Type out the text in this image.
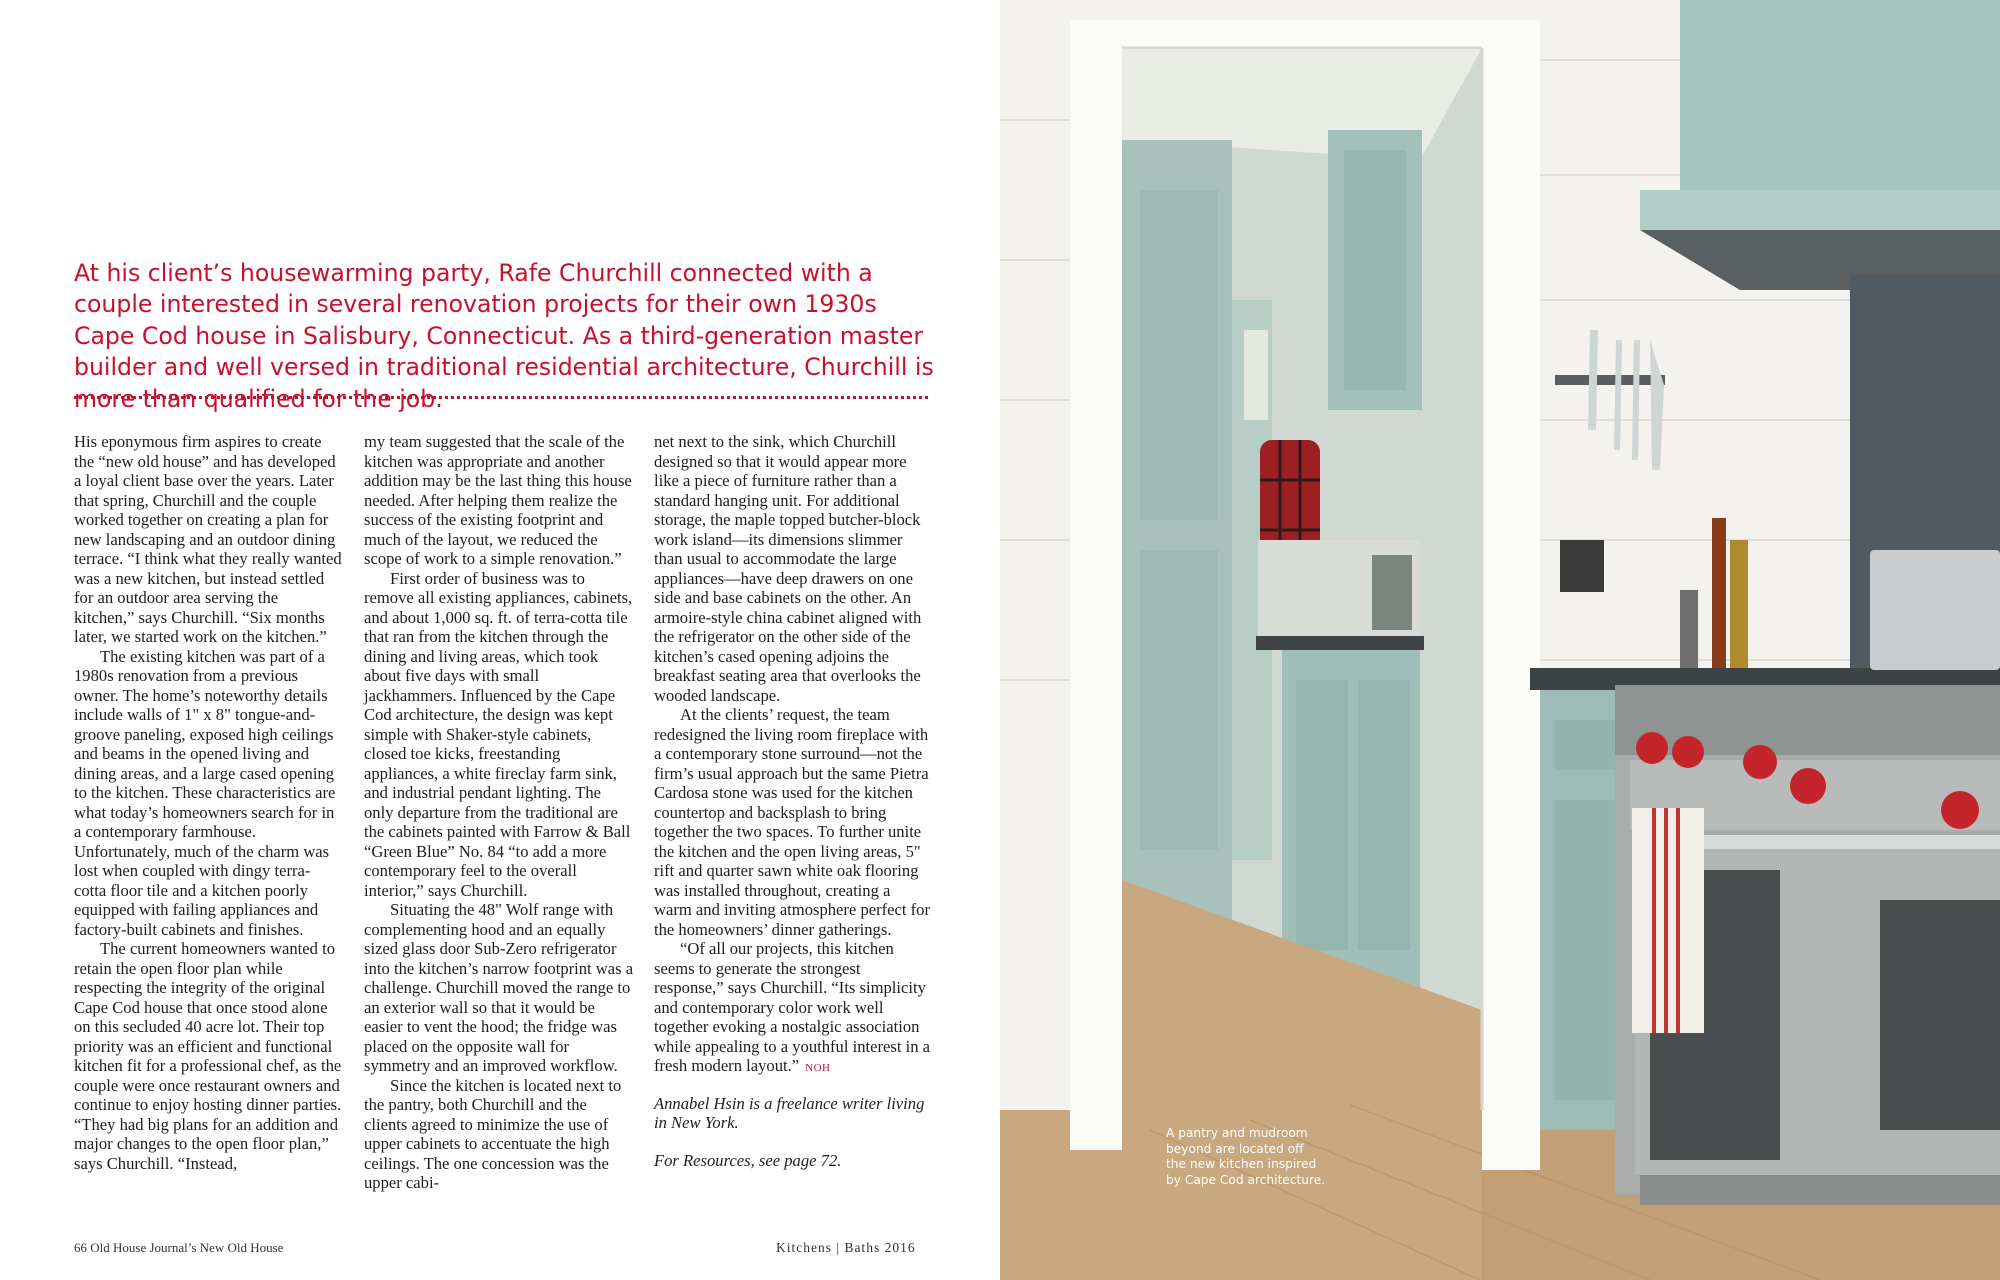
At his client’s housewarming party, Rafe Churchill connected with a couple interested in several renovation projects for their own 1930s Cape Cod house in Salisbury, Connecticut. As a third-generation master builder and well versed in traditional residential architecture, Churchill is more than qualified for the job.

His eponymous firm aspires to create the “new old house” and has developed a loyal client base over the years. Later that spring, Churchill and the couple worked together on creating a plan for new landscaping and an outdoor dining terrace. “I think what they really wanted was a new kitchen, but instead settled for an outdoor area serving the kitchen,” says Churchill. “Six months later, we started work on the kitchen.”

The existing kitchen was part of a 1980s renovation from a previous owner. The home’s noteworthy details include walls of 1" x 8" tongue-and-groove paneling, exposed high ceilings and beams in the opened living and dining areas, and a large cased opening to the kitchen. These characteristics are what today’s homeowners search for in a contemporary farmhouse. Unfortunately, much of the charm was lost when coupled with dingy terra-cotta floor tile and a kitchen poorly equipped with failing appliances and factory-built cabinets and finishes.

The current homeowners wanted to retain the open floor plan while respecting the integrity of the original Cape Cod house that once stood alone on this secluded 40 acre lot. Their top priority was an efficient and functional kitchen fit for a professional chef, as the couple were once restaurant owners and continue to enjoy hosting dinner parties. “They had big plans for an addition and major changes to the open floor plan,” says Churchill. “Instead,

my team suggested that the scale of the kitchen was appropriate and another addition may be the last thing this house needed. After helping them realize the success of the existing footprint and much of the layout, we reduced the scope of work to a simple renovation.”

First order of business was to remove all existing appliances, cabinets, and about 1,000 sq. ft. of terra-cotta tile that ran from the kitchen through the dining and living areas, which took about five days with small jackhammers. Influenced by the Cape Cod architecture, the design was kept simple with Shaker-style cabinets, closed toe kicks, freestanding appliances, a white fireclay farm sink, and industrial pendant lighting. The only departure from the traditional are the cabinets painted with Farrow & Ball “Green Blue” No. 84 “to add a more contemporary feel to the overall interior,” says Churchill.

Situating the 48" Wolf range with complementing hood and an equally sized glass door Sub-Zero refrigerator into the kitchen’s narrow footprint was a challenge. Churchill moved the range to an exterior wall so that it would be easier to vent the hood; the fridge was placed on the opposite wall for symmetry and an improved workflow.

Since the kitchen is located next to the pantry, both Churchill and the clients agreed to minimize the use of upper cabinets to accentuate the high ceilings. The one concession was the upper cabi-

net next to the sink, which Churchill designed so that it would appear more like a piece of furniture rather than a standard hanging unit. For additional storage, the maple topped butcher-block work island—its dimensions slimmer than usual to accommodate the large appliances—have deep drawers on one side and base cabinets on the other. An armoire-style china cabinet aligned with the refrigerator on the other side of the kitchen’s cased opening adjoins the breakfast seating area that overlooks the wooded landscape.

At the clients’ request, the team redesigned the living room fireplace with a contemporary stone surround—not the firm’s usual approach but the same Pietra Cardosa stone was used for the kitchen countertop and backsplash to bring together the two spaces. To further unite the kitchen and the open living areas, 5" rift and quarter sawn white oak flooring was installed throughout, creating a warm and inviting atmosphere perfect for the homeowners’ dinner gatherings.

“Of all our projects, this kitchen seems to generate the strongest response,” says Churchill. “Its simplicity and contemporary color work well together evoking a nostalgic association while appealing to a youthful interest in a fresh modern layout.” NOH

Annabel Hsin is a freelance writer living in New York.

For Resources, see page 72.

66 Old House Journal’s New Old House	Kitchens | Baths 2016
A pantry and mudroom beyond are located off the new kitchen inspired by Cape Cod architecture.
